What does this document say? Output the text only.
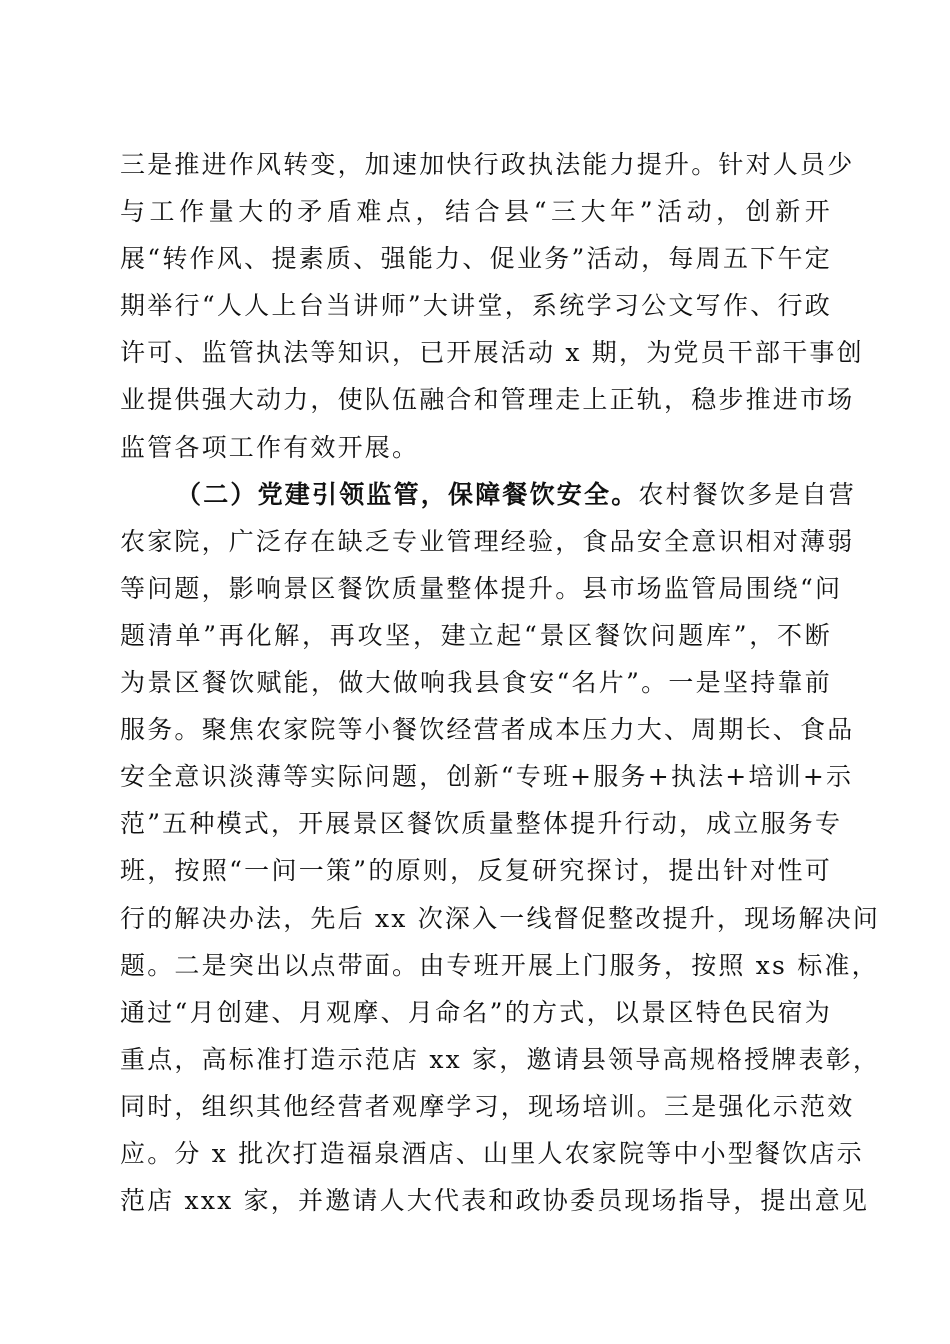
三是推进作风转变，加速加快行政执法能力提升。针对人员少
与工作量大的矛盾难点，结合县“三大年”活动，创新开
展“转作风、提素质、强能力、促业务”活动，每周五下午定
期举行“人人上台当讲师”大讲堂，系统学习公文写作、行政
许可、监管执法等知识，已开展活动 x 期，为党员干部干事创
业提供强大动力，使队伍融合和管理走上正轨，稳步推进市场
监管各项工作有效开展。
（二）党建引领监管，保障餐饮安全。农村餐饮多是自营
农家院，广泛存在缺乏专业管理经验，食品安全意识相对薄弱
等问题，影响景区餐饮质量整体提升。县市场监管局围绕“问
题清单”再化解，再攻坚，建立起“景区餐饮问题库”，不断
为景区餐饮赋能，做大做响我县食安“名片”。一是坚持靠前
服务。聚焦农家院等小餐饮经营者成本压力大、周期长、食品
安全意识淡薄等实际问题，创新“专班+服务+执法+培训+示
范”五种模式，开展景区餐饮质量整体提升行动，成立服务专
班，按照“一问一策”的原则，反复研究探讨，提出针对性可
行的解决办法，先后 xx 次深入一线督促整改提升，现场解决问
题。二是突出以点带面。由专班开展上门服务，按照 xs 标准，
通过“月创建、月观摩、月命名”的方式，以景区特色民宿为
重点，高标准打造示范店 xx 家，邀请县领导高规格授牌表彰，
同时，组织其他经营者观摩学习，现场培训。三是强化示范效
应。分 x 批次打造福泉酒店、山里人农家院等中小型餐饮店示
范店 xxx 家，并邀请人大代表和政协委员现场指导，提出意见
